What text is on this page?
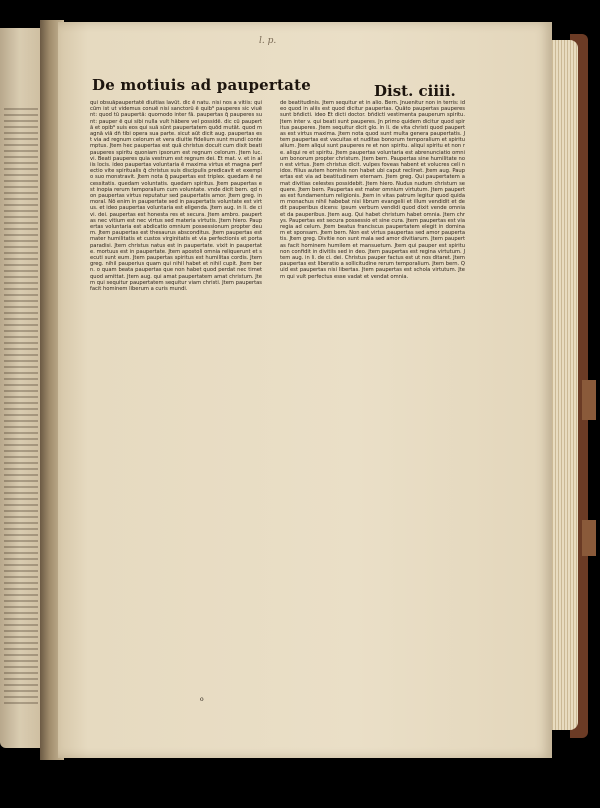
l. p.
De motiuis ad paupertate	Dist. ciiii.
qui obsuāpaupertatē diuitias lavūt. dic ē natu. nisi nos a vitiis: qui cūm ist ut videmus conuē nisi sanctorū ē quib⁹ pauperes sic viuēnt: quod tū paupertā: quomodo inter fā. paupertas q̄ pauperes sunt: pauper ē qui sibi nulla vult hābere vel possidē. dic cū paupertā et opib⁹ suis eos qui suā sūnt paupertatem quōd mutāt. quod magnā viā dñ tibi opera sua parte. sicut aūt dicit aug. paupertas est via ad regnum celorum et vera diuitie fidelium sunt mundi contemptus. Jtem hec paupertas est quā christus docuit cum dixit beati pauperes spiritu quoniam ipsorum est regnum celorum. Jtem luc. vi. Beati pauperes quia vestrum est regnum dei. Et mat. v. et in aliis locis. ideo paupertas voluntaria ē maxima virtus et magna perfectio vite spiritualis q̄ christus suis discipulis predicavit et exemplo suo monstravit. Jtem nota q̄ paupertas est triplex. quedam ē necessitatis. quedam voluntatis. quedam spiritus. Jtem paupertas est inopia rerum temporalium cum voluntate. vnde dicit bern. qd non paupertas virtus reputatur sed paupertatis amor. Jtem greg. in moral. Nō enim in paupertate sed in paupertatis voluntate est virtus. et ideo paupertas voluntaria est eligenda. Jtem aug. in li. de civi. dei. paupertas est honesta res et secura. Jtem ambro. paupertas nec vitium est nec virtus sed materia virtutis. Jtem hiero. Paupertas voluntaria est abdicatio omnium possessionum propter deum. Jtem paupertas est thesaurus absconditus. Jtem paupertas est mater humilitatis et custos virginitatis et via perfectionis et porta paradisi. Jtem christus natus est in paupertate. vixit in paupertate. mortuus est in paupertate. Jtem apostoli omnia reliquerunt et secuti sunt eum. Jtem paupertas spiritus est humilitas cordis. Jtem greg. nihil pauperius quam qui nihil habet et nihil cupit. Jtem bern. o quam beata paupertas que non habet quod perdat nec timet quod amittat. Jtem aug. qui amat paupertatem amat christum. Jtem qui sequitur paupertatem sequitur viam christi. Jtem paupertas facit hominem liberum a curis mundi.
de beatitudinis. Jtem sequitur et in alio. Bern. Jnuenitur non in terris: ideo quod in aliis est quod dicitur paupertas. Quāto paupertas pauperes sunt bñdicti. ideo Et dicti doctor. bñdicti vestimenta pauperum spiritu. Jtem inter v. qui beati sunt pauperes. Jn primo quidem dicitur quod spiritus pauperes. Jtem sequitur dicit glo. in li. de vita christi quod paupertas est virtus maxima. Jtem nota quod sunt multa genera paupertatis. Jtem paupertas est vacuitas et nuditas bonorum temporalium et spiritualium. Jtem aliqui sunt pauperes re et non spiritu. aliqui spiritu et non re. aliqui re et spiritu. Jtem paupertas voluntaria est abrenunciatio omnium bonorum propter christum. Jtem bern. Paupertas sine humilitate non est virtus. Jtem christus dicit. vulpes foveas habent et volucres celi nidos. filius autem hominis non habet ubi caput reclinet. Jtem aug. Paupertas est via ad beatitudinem eternam. Jtem greg. Qui paupertatem amat divitias celestes possidebit. Jtem hiero. Nudus nudum christum sequere. Jtem bern. Paupertas est mater omnium virtutum. Jtem paupertas est fundamentum religionis. Jtem in vitas patrum legitur quod quidam monachus nihil habebat nisi librum evangelii et illum vendidit et dedit pauperibus dicens: ipsum verbum vendidi quod dixit vende omnia et da pauperibus. Jtem aug. Qui habet christum habet omnia. Jtem chrys. Paupertas est secura possessio et sine cura. Jtem paupertas est via regia ad celum. Jtem beatus franciscus paupertatem elegit in dominam et sponsam. Jtem bern. Non est virtus paupertas sed amor paupertatis. Jtem greg. Divitie non sunt mala sed amor divitiarum. Jtem paupertas facit hominem humilem et mansuetum. Jtem qui pauper est spiritu non confidit in divitiis sed in deo. Jtem paupertas est regina virtutum. Jtem aug. in li. de ci. dei. Christus pauper factus est ut nos ditaret. Jtem paupertas est liberatio a sollicitudine rerum temporalium. Jtem bern. Quid est paupertas nisi libertas. Jtem paupertas est schola virtutum. Jtem qui vult perfectus esse vadat et vendat omnia.
o
